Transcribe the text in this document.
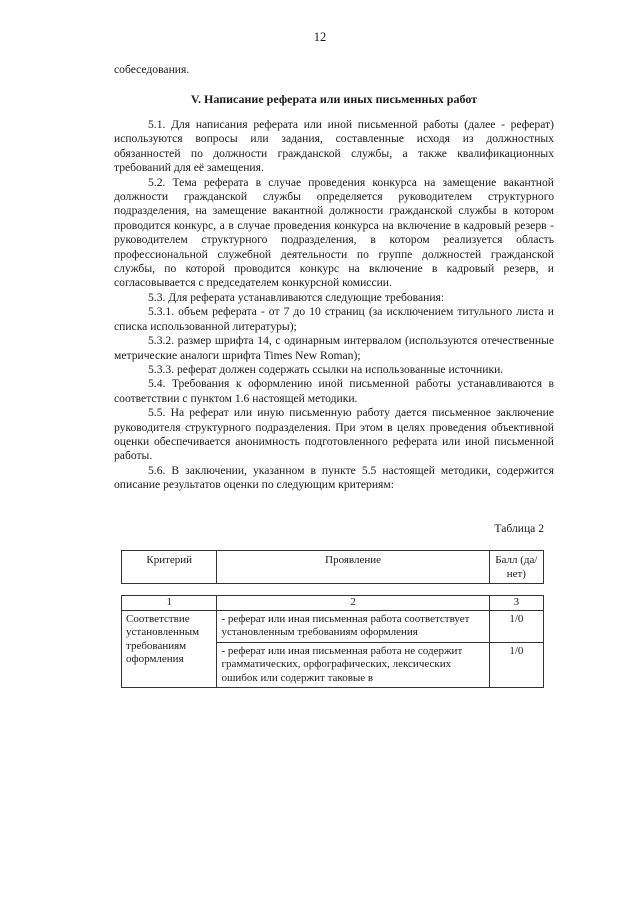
12
собеседования.
V. Написание реферата или иных письменных работ

5.1. Для написания реферата или иной письменной работы (далее - реферат) используются вопросы или задания, составленные исходя из должностных обязанностей по должности гражданской службы, а также квалификационных требований для её замещения.

5.2. Тема реферата в случае проведения конкурса на замещение вакантной должности гражданской службы определяется руководителем структурного подразделения, на замещение вакантной должности гражданской службы в котором проводится конкурс, а в случае проведения конкурса на включение в кадровый резерв - руководителем структурного подразделения, в котором реализуется область профессиональной служебной деятельности по группе должностей гражданской службы, по которой проводится конкурс на включение в кадровый резерв, и согласовывается с председателем конкурсной комиссии.

5.3. Для реферата устанавливаются следующие требования:

5.3.1. объем реферата - от 7 до 10 страниц (за исключением титульного листа и списка использованной литературы);

5.3.2. размер шрифта 14, с одинарным интервалом (используются отечественные метрические аналоги шрифта Times New Roman);

5.3.3. реферат должен содержать ссылки на использованные источники.

5.4. Требования к оформлению иной письменной работы устанавливаются в соответствии с пунктом 1.6 настоящей методики.

5.5. На реферат или иную письменную работу дается письменное заключение руководителя структурного подразделения. При этом в целях проведения объективной оценки обеспечивается анонимность подготовленного реферата или иной письменной работы.

5.6. В заключении, указанном в пункте 5.5 настоящей методики, содержится описание результатов оценки по следующим критериям:

Таблица 2
Критерий	Проявление	Балл (да/нет)
1	2	3
Соответствие установленным требованиям оформления	- реферат или иная письменная работа соответствует установленным требованиям оформления	1/0
	- реферат или иная письменная работа не содержит грамматических, орфографических, лексических ошибок или содержит таковые в	1/0
